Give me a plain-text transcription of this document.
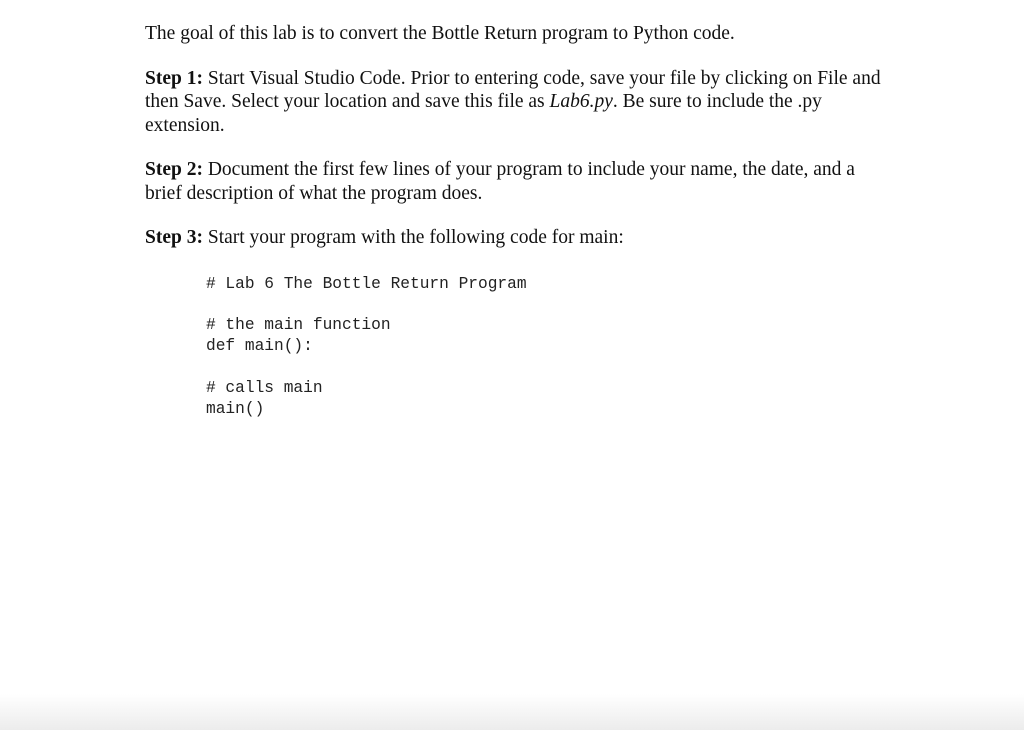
The goal of this lab is to convert the Bottle Return program to Python code.

Step 1: Start Visual Studio Code. Prior to entering code, save your file by clicking on File and then Save. Select your location and save this file as Lab6.py. Be sure to include the .py extension.

Step 2: Document the first few lines of your program to include your name, the date, and a brief description of what the program does.

Step 3: Start your program with the following code for main:

# Lab 6 The Bottle Return Program
# the main function
def main():
# calls main
main()
